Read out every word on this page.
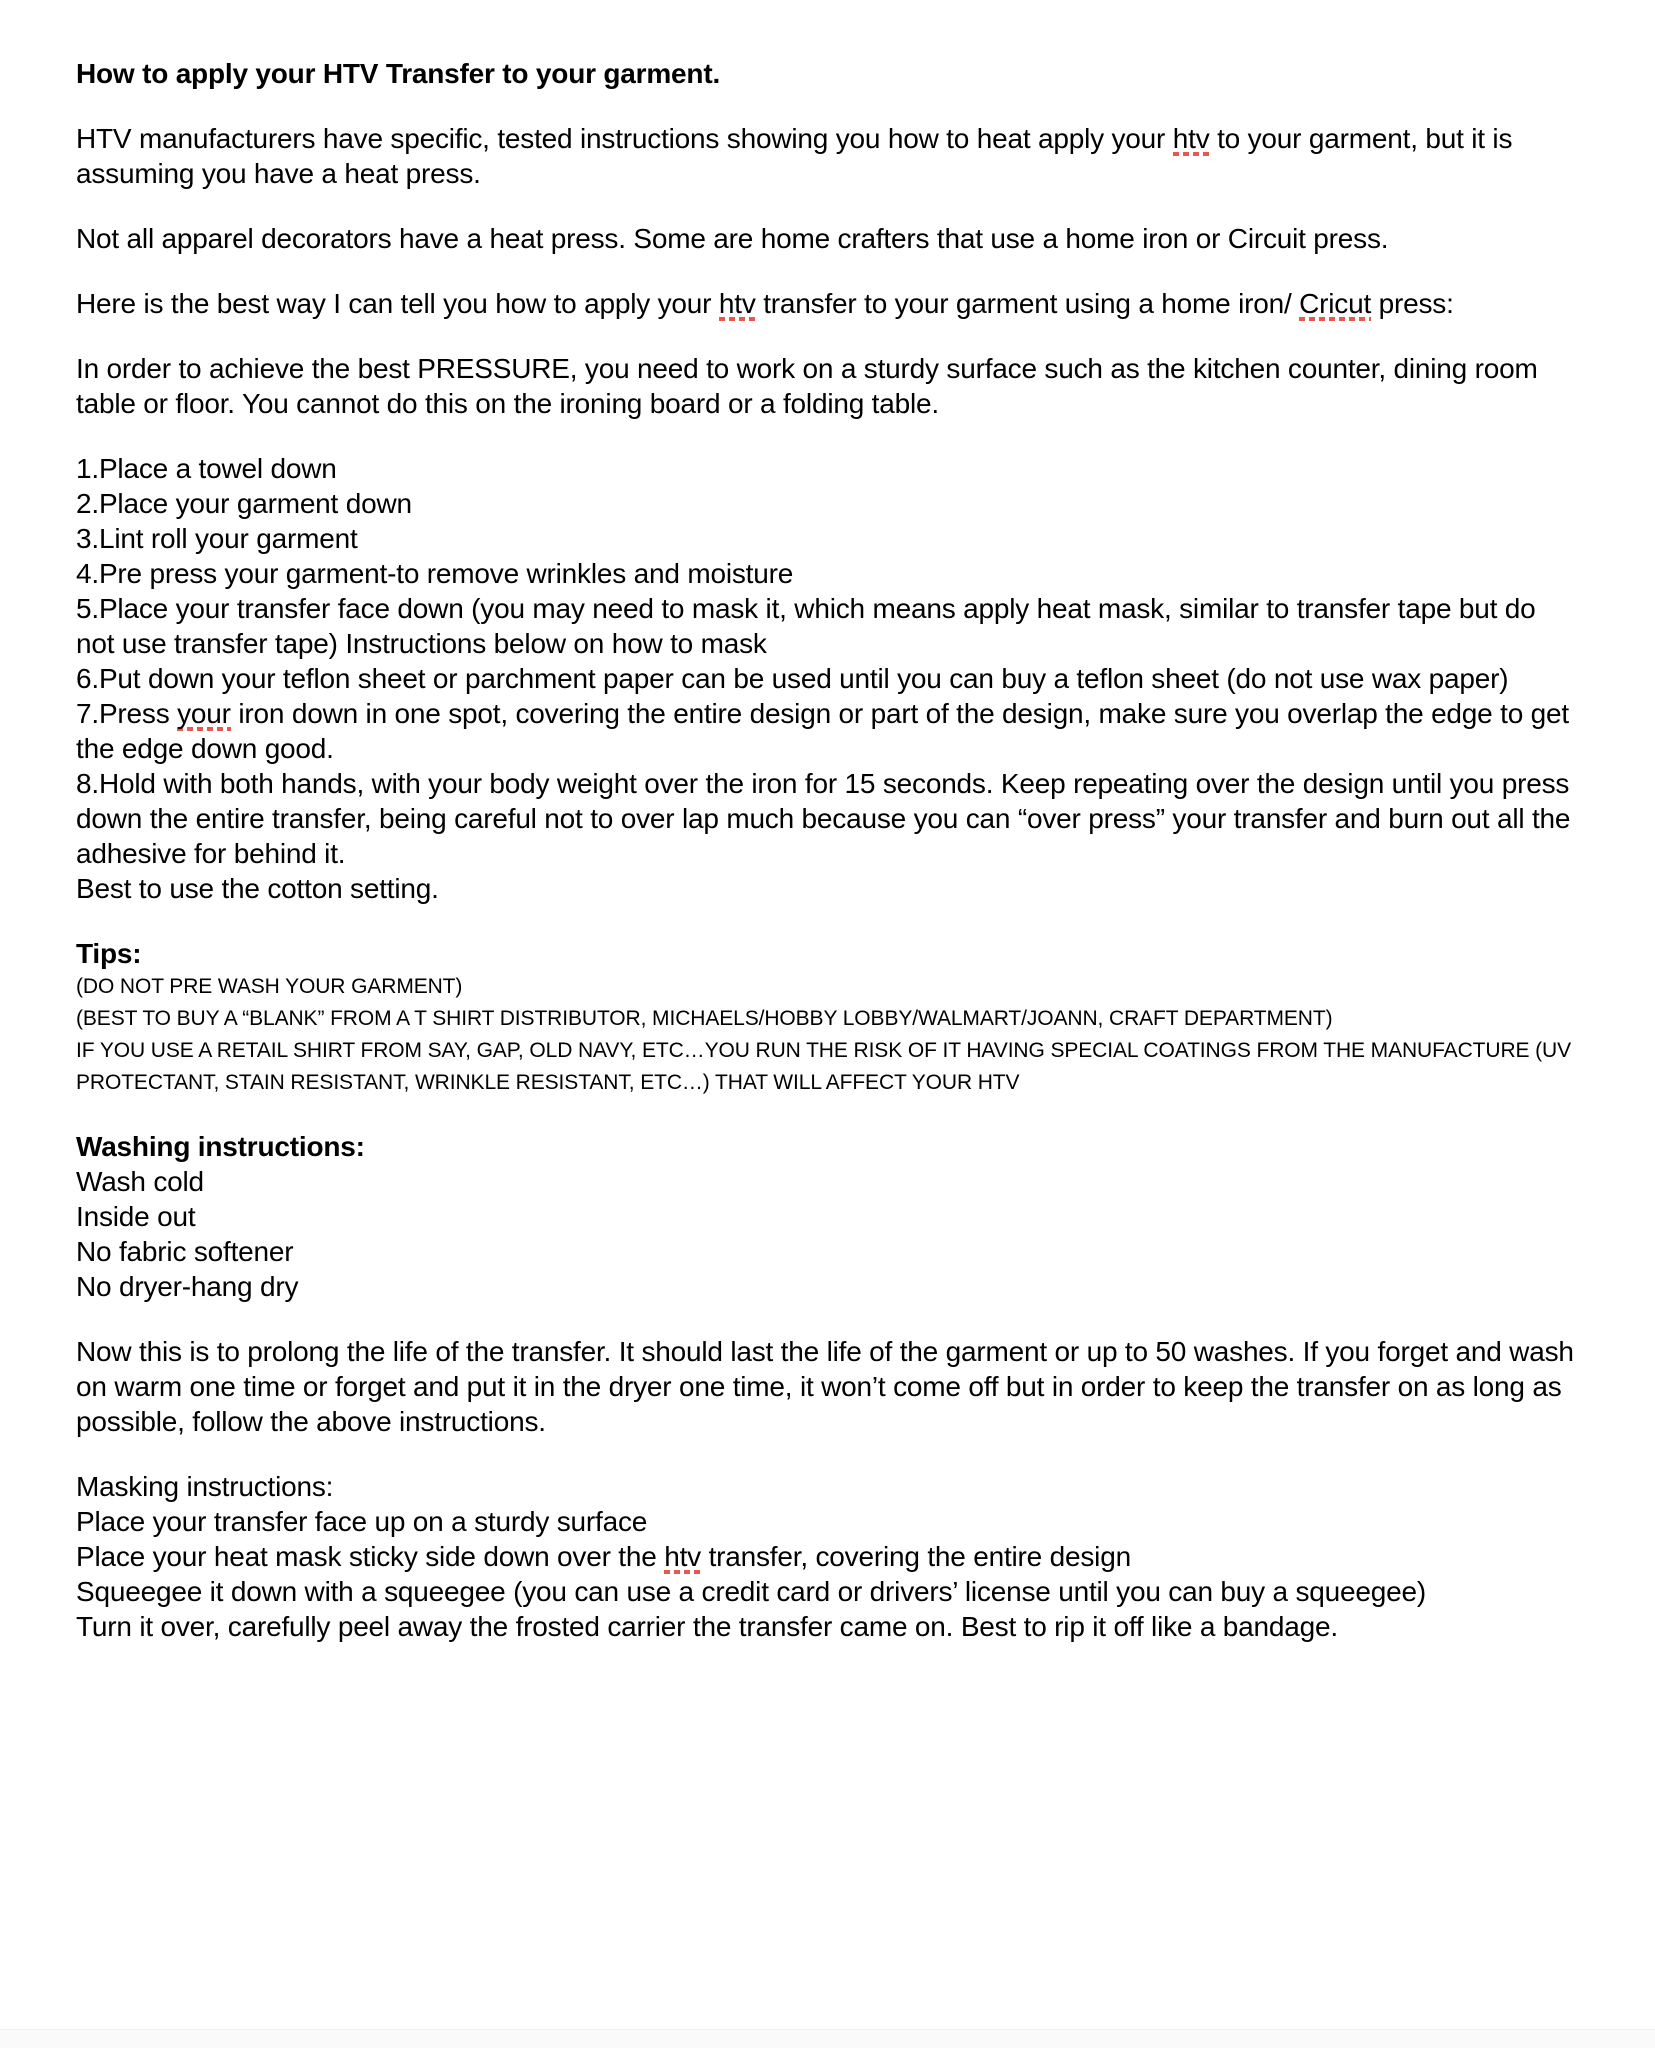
How to apply your HTV Transfer to your garment.
HTV manufacturers have specific, tested instructions showing you how to heat apply your htv to your garment, but it is assuming you have a heat press.
Not all apparel decorators have a heat press. Some are home crafters that use a home iron or Circuit press.
Here is the best way I can tell you how to apply your htv transfer to your garment using a home iron/ Cricut press:
In order to achieve the best PRESSURE, you need to work on a sturdy surface such as the kitchen counter, dining room table or floor. You cannot do this on the ironing board or a folding table.
1.Place a towel down
2.Place your garment down
3.Lint roll your garment
4.Pre press your garment-to remove wrinkles and moisture
5.Place your transfer face down (you may need to mask it, which means apply heat mask, similar to transfer tape but do not use transfer tape) Instructions below on how to mask
6.Put down your teflon sheet or parchment paper can be used until you can buy a teflon sheet (do not use wax paper)
7.Press your iron down in one spot, covering the entire design or part of the design, make sure you overlap the edge to get the edge down good.
8.Hold with both hands, with your body weight over the iron for 15 seconds. Keep repeating over the design until you press down the entire transfer, being careful not to over lap much because you can “over press” your transfer and burn out all the adhesive for behind it.
Best to use the cotton setting.
Tips:
(DO NOT PRE WASH YOUR GARMENT)
(BEST TO BUY A “BLANK” FROM A T SHIRT DISTRIBUTOR, MICHAELS/HOBBY LOBBY/WALMART/JOANN, CRAFT DEPARTMENT)
IF YOU USE A RETAIL SHIRT FROM SAY, GAP, OLD NAVY, ETC…YOU RUN THE RISK OF IT HAVING SPECIAL COATINGS FROM THE MANUFACTURE (UV PROTECTANT, STAIN RESISTANT, WRINKLE RESISTANT, ETC…) THAT WILL AFFECT YOUR HTV
Washing instructions:
Wash cold
Inside out
No fabric softener
No dryer-hang dry
Now this is to prolong the life of the transfer. It should last the life of the garment or up to 50 washes. If you forget and wash on warm one time or forget and put it in the dryer one time, it won’t come off but in order to keep the transfer on as long as possible, follow the above instructions.
Masking instructions:
Place your transfer face up on a sturdy surface
Place your heat mask sticky side down over the htv transfer, covering the entire design
Squeegee it down with a squeegee (you can use a credit card or drivers’ license until you can buy a squeegee)
Turn it over, carefully peel away the frosted carrier the transfer came on. Best to rip it off like a bandage.
